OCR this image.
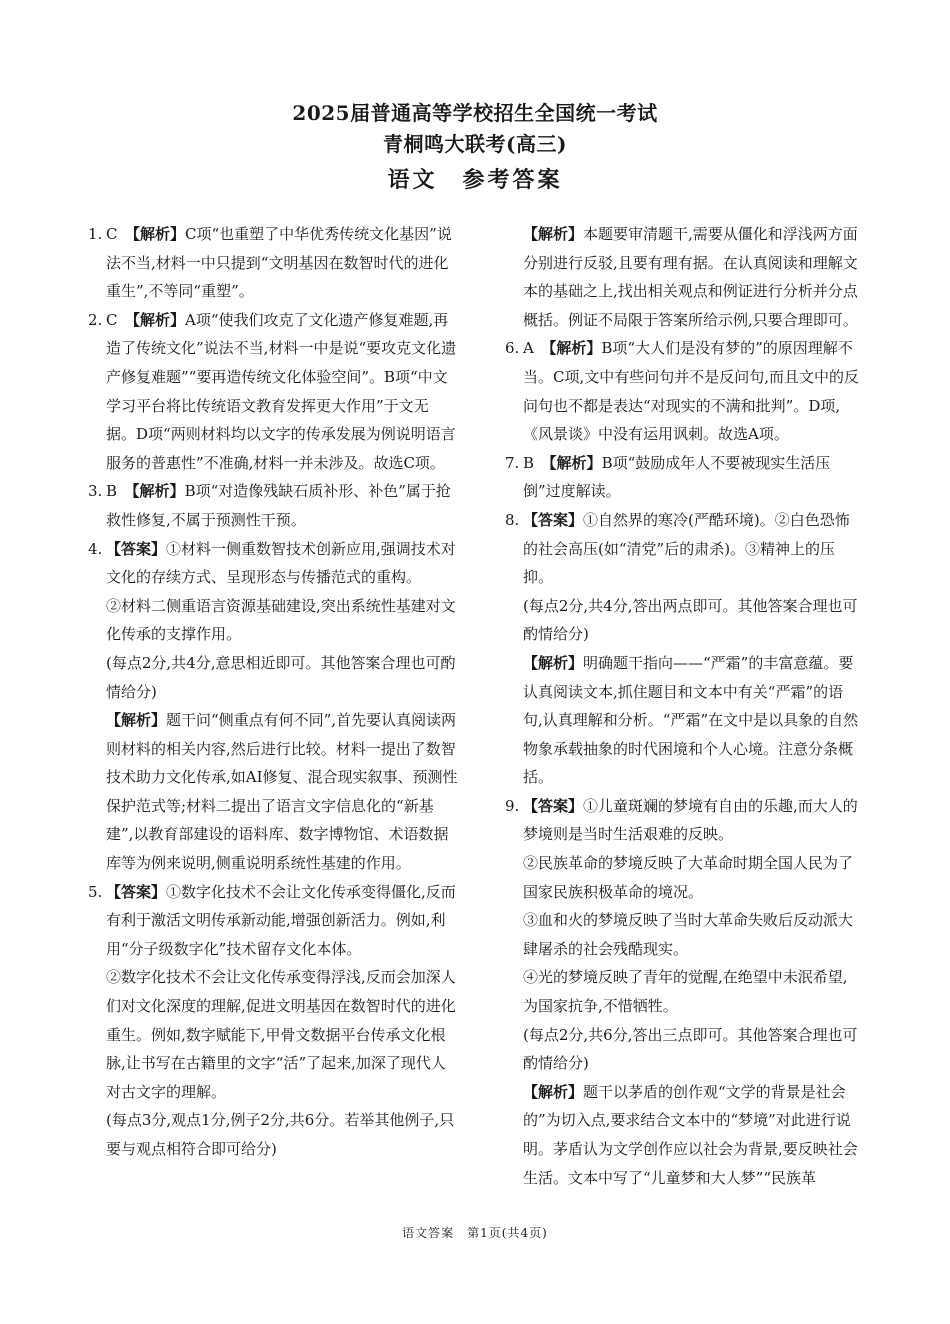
2025届普通高等学校招生全国统一考试
青桐鸣大联考(高三)
语文　参考答案
1. C　 【解析】C项“也重塑了中华优秀传统文化基因”说法不当,材料一中只提到“文明基因在数智时代的进化重生”,不等同“重塑”。

2. C　 【解析】A项“使我们攻克了文化遗产修复难题,再造了传统文化”说法不当,材料一中是说“要攻克文化遗产修复难题”“要再造传统文化体验空间”。B项“中文学习平台将比传统语文教育发挥更大作用”于文无据。D项“两则材料均以文字的传承发展为例说明语言服务的普惠性”不准确,材料一并未涉及。故选C项。

3. B　 【解析】B项“对造像残缺石质补形、补色”属于抢救性修复,不属于预测性干预。

4. 【答案】①材料一侧重数智技术创新应用,强调技术对文化的存续方式、呈现形态与传播范式的重构。

②材料二侧重语言资源基础建设,突出系统性基建对文化传承的支撑作用。

(每点2分,共4分,意思相近即可。其他答案合理也可酌情给分)

【解析】题干问“侧重点有何不同”,首先要认真阅读两则材料的相关内容,然后进行比较。材料一提出了数智技术助力文化传承,如AI修复、混合现实叙事、预测性保护范式等;材料二提出了语言文字信息化的“新基建”,以教育部建设的语料库、数字博物馆、术语数据库等为例来说明,侧重说明系统性基建的作用。

5. 【答案】①数字化技术不会让文化传承变得僵化,反而有利于激活文明传承新动能,增强创新活力。例如,利用“分子级数字化”技术留存文化本体。

②数字化技术不会让文化传承变得浮浅,反而会加深人们对文化深度的理解,促进文明基因在数智时代的进化重生。例如,数字赋能下,甲骨文数据平台传承文化根脉,让书写在古籍里的文字“活”了起来,加深了现代人对古文字的理解。

(每点3分,观点1分,例子2分,共6分。若举其他例子,只要与观点相符合即可给分)

【解析】本题要审清题干,需要从僵化和浮浅两方面分别进行反驳,且要有理有据。在认真阅读和理解文本的基础之上,找出相关观点和例证进行分析并分点概括。例证不局限于答案所给示例,只要合理即可。

6. A　 【解析】B项“大人们是没有梦的”的原因理解不当。C项,文中有些问句并不是反问句,而且文中的反问句也不都是表达“对现实的不满和批判”。D项,《风景谈》中没有运用讽刺。故选A项。

7. B　 【解析】B项“鼓励成年人不要被现实生活压倒”过度解读。

8. 【答案】①自然界的寒冷(严酷环境)。②白色恐怖的社会高压(如“清党”后的肃杀)。③精神上的压抑。

(每点2分,共4分,答出两点即可。其他答案合理也可酌情给分)

【解析】明确题干指向——“严霜”的丰富意蕴。要认真阅读文本,抓住题目和文本中有关“严霜”的语句,认真理解和分析。“严霜”在文中是以具象的自然物象承载抽象的时代困境和个人心境。注意分条概括。

9. 【答案】①儿童斑斓的梦境有自由的乐趣,而大人的梦境则是当时生活艰难的反映。

②民族革命的梦境反映了大革命时期全国人民为了国家民族积极革命的境况。

③血和火的梦境反映了当时大革命失败后反动派大肆屠杀的社会残酷现实。

④光的梦境反映了青年的觉醒,在绝望中未泯希望,为国家抗争,不惜牺牲。

(每点2分,共6分,答出三点即可。其他答案合理也可酌情给分)

【解析】题干以茅盾的创作观“文学的背景是社会的”为切入点,要求结合文本中的“梦境”对此进行说明。茅盾认为文学创作应以社会为背景,要反映社会生活。文本中写了“儿童梦和大人梦”“民族革

语文答案　第1页(共4页)
